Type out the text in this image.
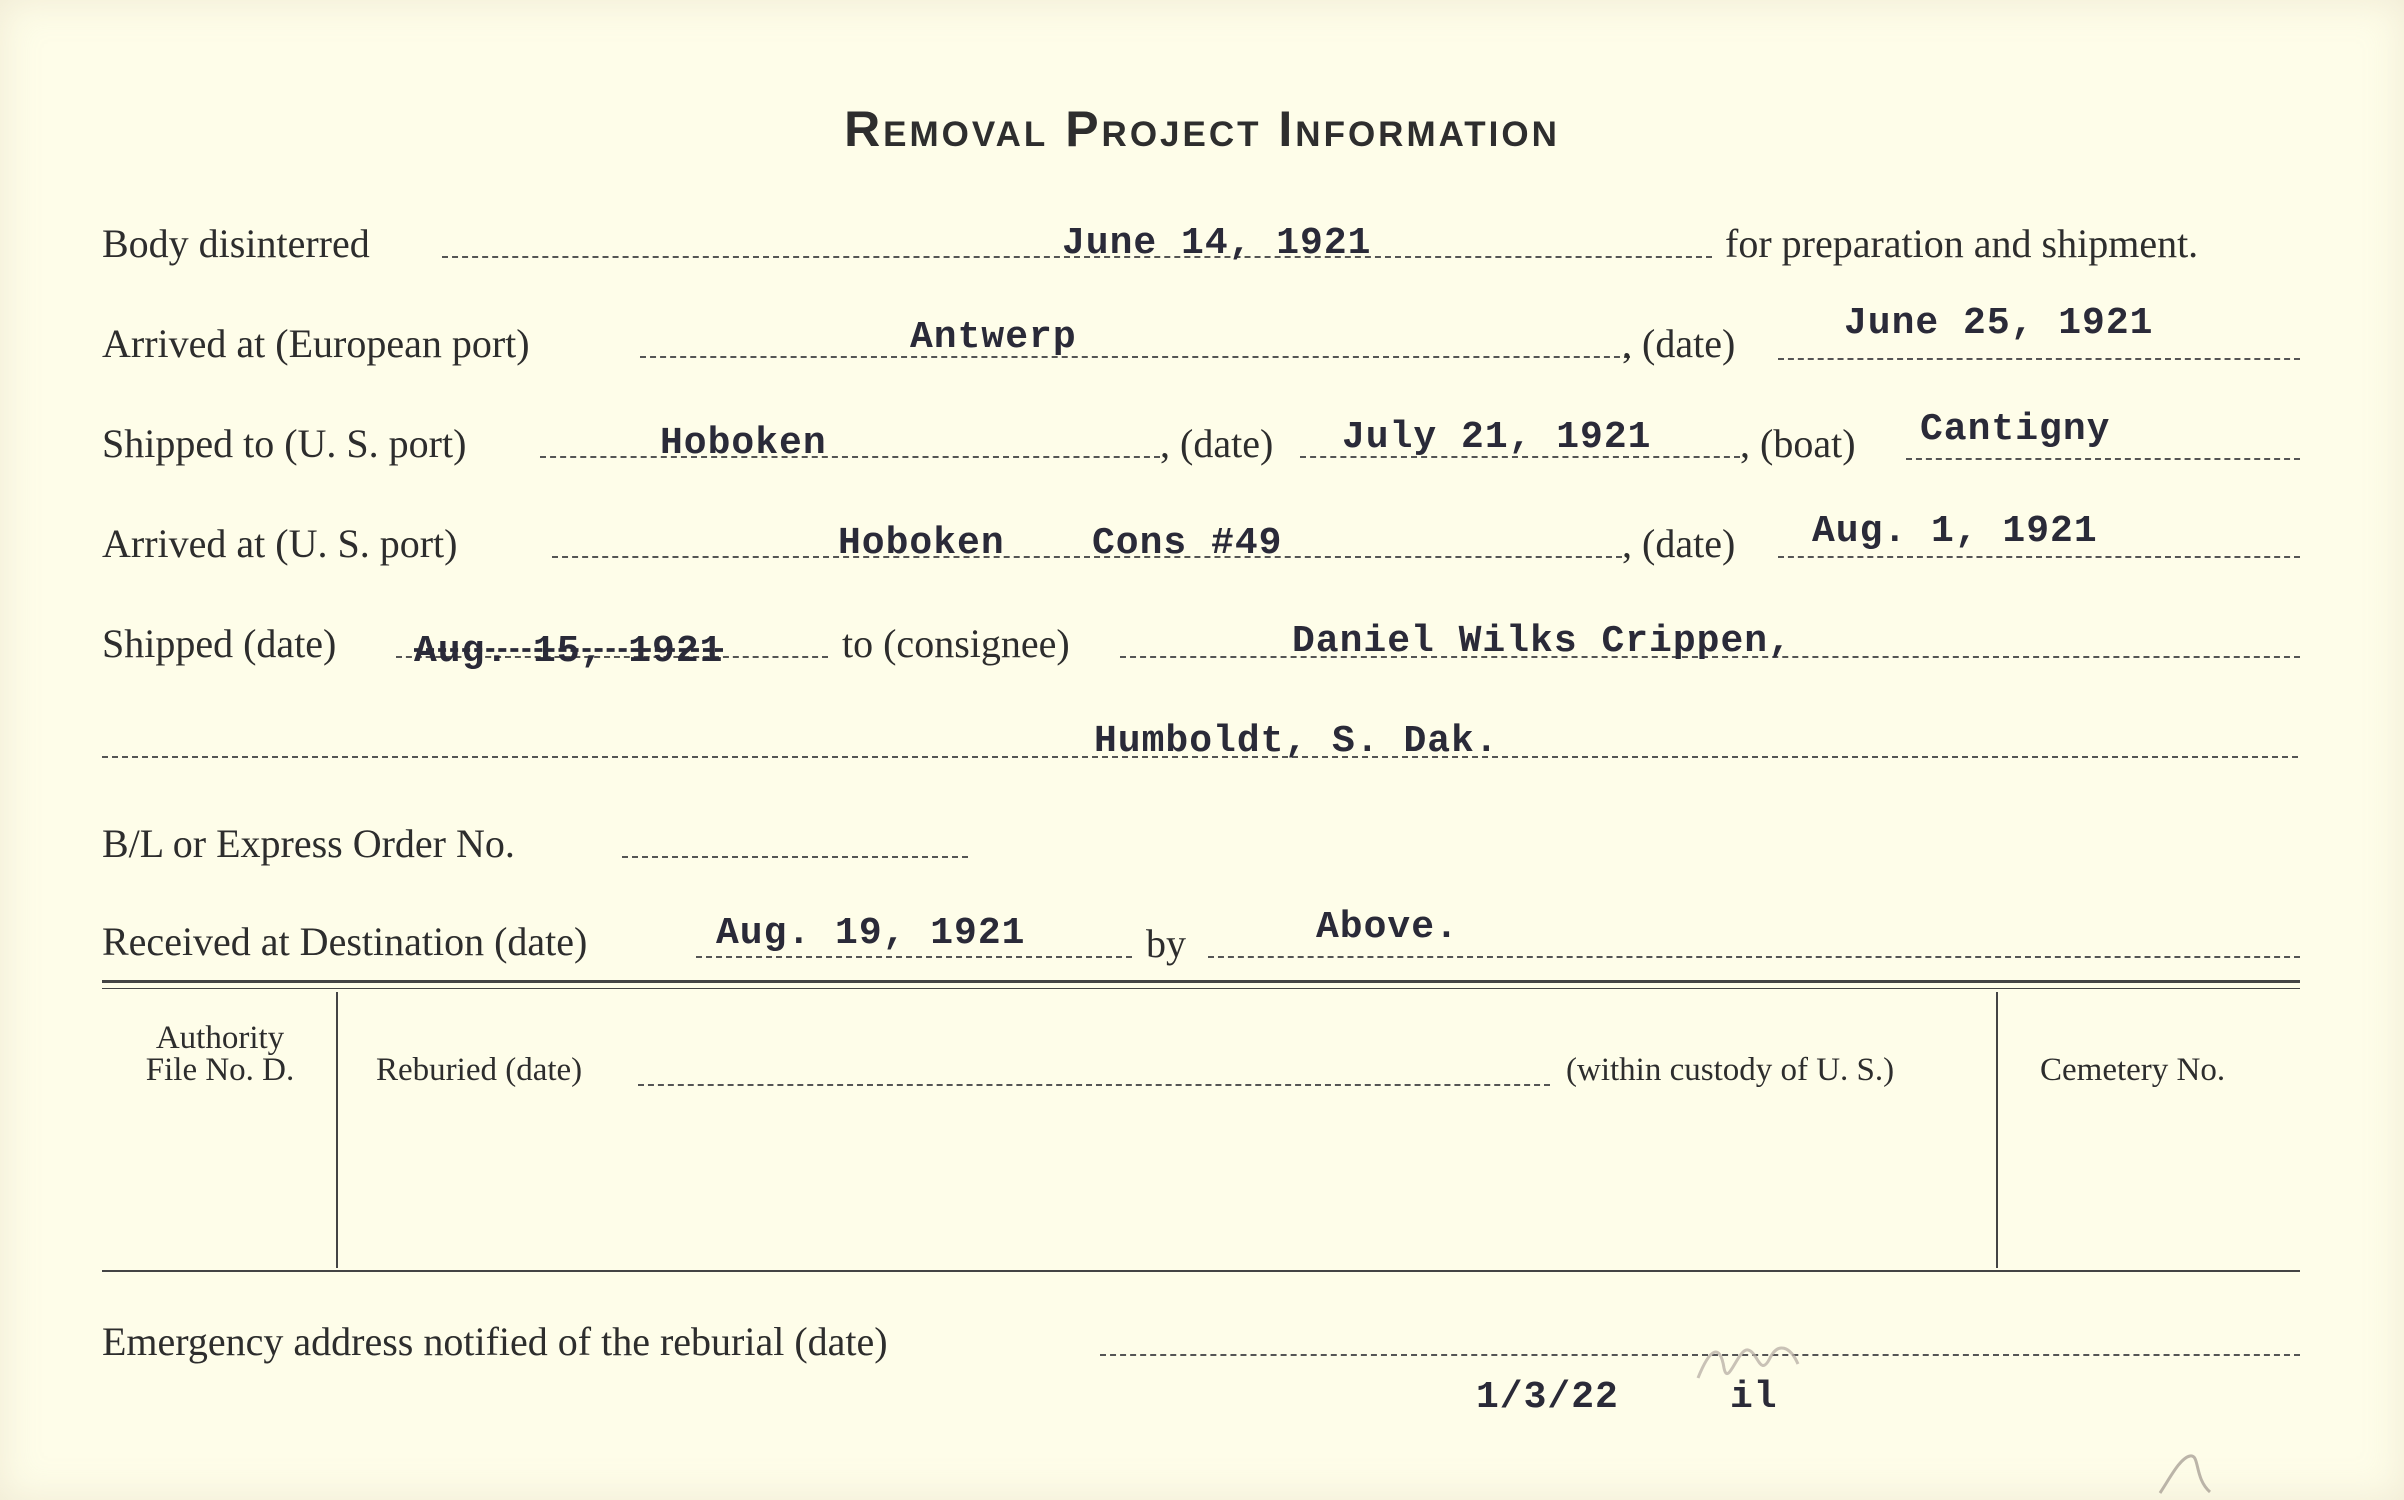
Removal Project Information
Body disinterred	June 14, 1921	for preparation and shipment.
Arrived at (European port)	Antwerp	, (date)	June 25, 1921
Shipped to (U. S. port)	Hoboken	, (date) July 21, 1921 , (boat) Cantigny
Arrived at (U. S. port)	Hoboken Cons #49	, (date) Aug. 1, 1921
Shipped (date) Aug. 15, 1921	to (consignee)	Daniel Wilks Crippen,
Humboldt, S. Dak.
B/L or Express Order No.
Received at Destination (date)	Aug. 19, 1921	by	Above.
Authority
File No. D.	Reburied (date)	(within custody of U. S.)	Cemetery No.
Emergency address notified of the reburial (date)
1/3/22	il
